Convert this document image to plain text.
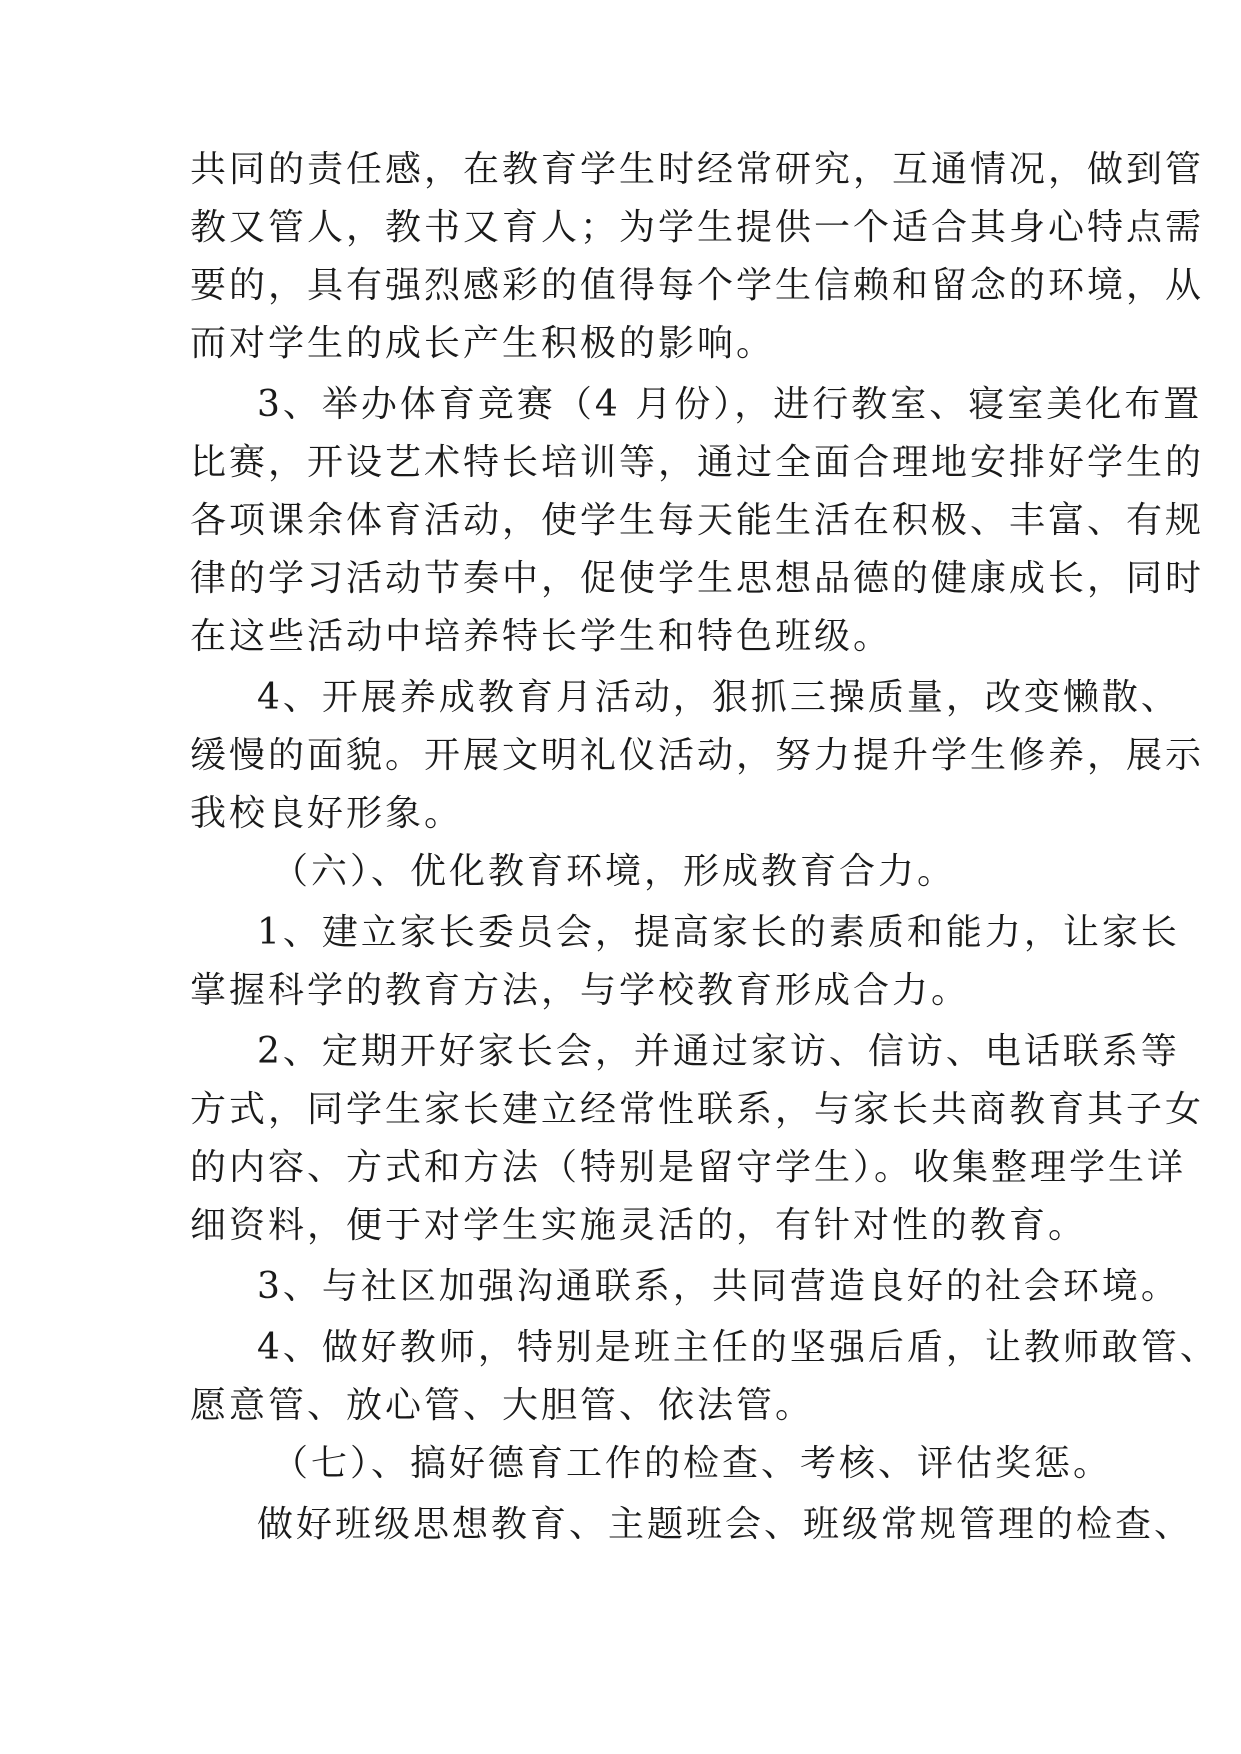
共同的责任感，在教育学生时经常研究，互通情况，做到管
教又管人，教书又育人；为学生提供一个适合其身心特点需
要的，具有强烈感彩的值得每个学生信赖和留念的环境，从
而对学生的成长产生积极的影响。
3、举办体育竞赛（4 月份），进行教室、寝室美化布置
比赛，开设艺术特长培训等，通过全面合理地安排好学生的
各项课余体育活动，使学生每天能生活在积极、丰富、有规
律的学习活动节奏中，促使学生思想品德的健康成长，同时
在这些活动中培养特长学生和特色班级。
4、开展养成教育月活动，狠抓三操质量，改变懒散、
缓慢的面貌。开展文明礼仪活动，努力提升学生修养，展示
我校良好形象。
（六）、优化教育环境，形成教育合力。
1、建立家长委员会，提高家长的素质和能力，让家长
掌握科学的教育方法，与学校教育形成合力。
2、定期开好家长会，并通过家访、信访、电话联系等
方式，同学生家长建立经常性联系，与家长共商教育其子女
的内容、方式和方法（特别是留守学生）。收集整理学生详
细资料，便于对学生实施灵活的，有针对性的教育。
3、与社区加强沟通联系，共同营造良好的社会环境。
4、做好教师，特别是班主任的坚强后盾，让教师敢管、
愿意管、放心管、大胆管、依法管。
（七）、搞好德育工作的检查、考核、评估奖惩。
做好班级思想教育、主题班会、班级常规管理的检查、
